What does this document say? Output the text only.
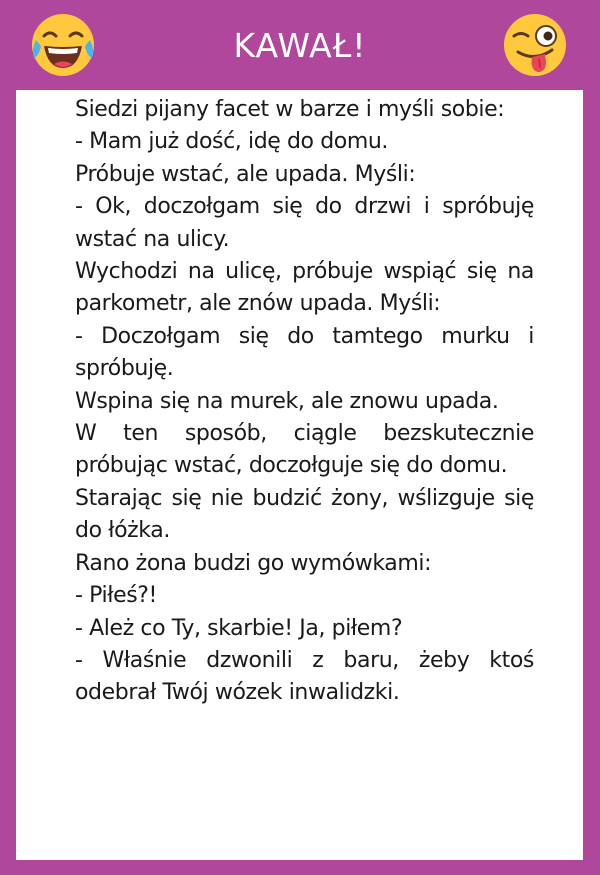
KAWAŁ!

Siedzi pijany facet w barze i myśli sobie:

- Mam już dość, idę do domu.

Próbuje wstać, ale upada. Myśli:

- Ok, doczołgam się do drzwi i spróbuję wstać na ulicy.

Wychodzi na ulicę, próbuje wspiąć się na parkometr, ale znów upada. Myśli:

- Doczołgam się do tamtego murku i spróbuję.

Wspina się na murek, ale znowu upada.

W ten sposób, ciągle bezskutecznie próbując wstać, doczołguje się do domu.

Starając się nie budzić żony, wślizguje się do łóżka.

Rano żona budzi go wymówkami:

- Piłeś?!

- Ależ co Ty, skarbie! Ja, piłem?

- Właśnie dzwonili z baru, żeby ktoś odebrał Twój wózek inwalidzki.
